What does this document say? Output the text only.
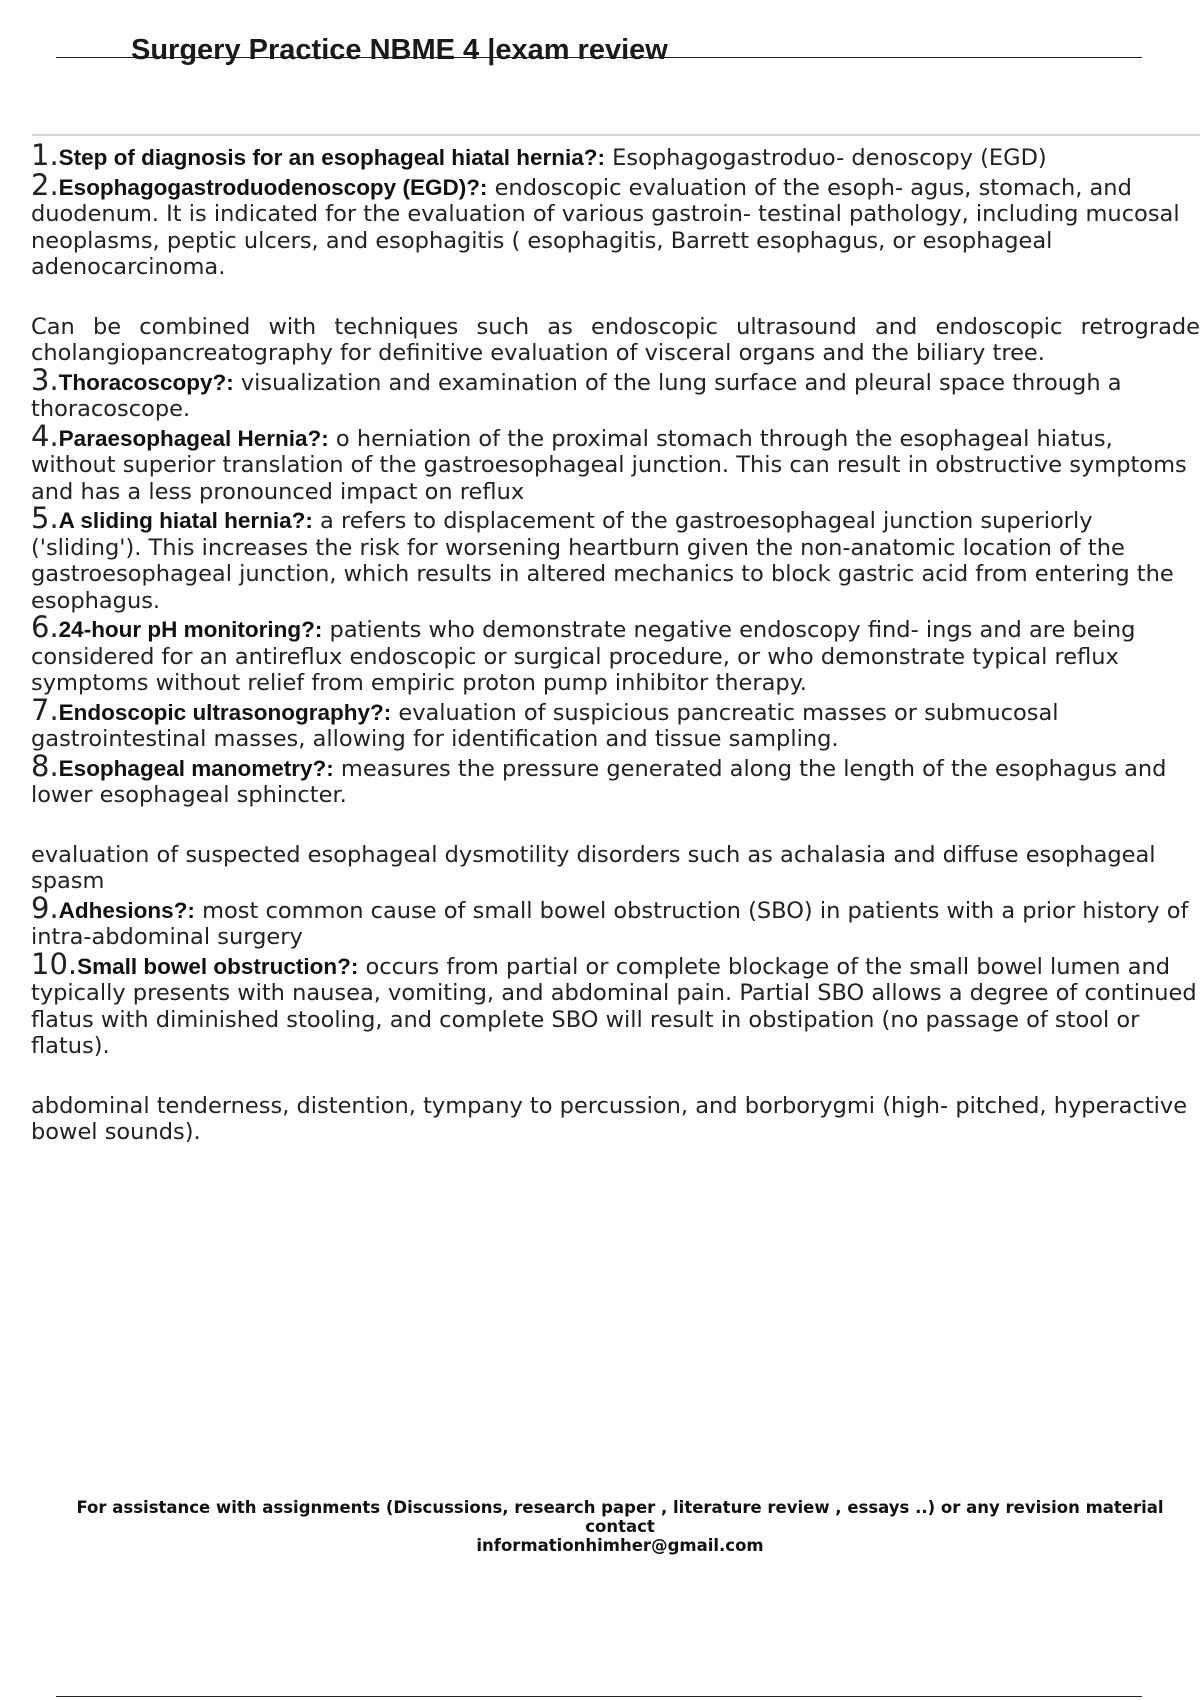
Surgery Practice NBME 4 |exam review

1.Step of diagnosis for an esophageal hiatal hernia?: Esophagogastroduo- denoscopy (EGD)

2.Esophagogastroduodenoscopy (EGD)?: endoscopic evaluation of the esoph- agus, stomach, and duodenum. It is indicated for the evaluation of various gastroin- testinal pathology, including mucosal neoplasms, peptic ulcers, and esophagitis ( esophagitis, Barrett esophagus, or esophageal adenocarcinoma.

Can be combined with techniques such as endoscopic ultrasound and endoscopic retrograde cholangiopancreatography for definitive evaluation of visceral organs and the biliary tree.

3.Thoracoscopy?: visualization and examination of the lung surface and pleural space through a thoracoscope.

4.Paraesophageal Hernia?: o herniation of the proximal stomach through the esophageal hiatus, without superior translation of the gastroesophageal junction. This can result in obstructive symptoms and has a less pronounced impact on reflux

5.A sliding hiatal hernia?: a refers to displacement of the gastroesophageal junction superiorly ('sliding'). This increases the risk for worsening heartburn given the non-anatomic location of the gastroesophageal junction, which results in altered mechanics to block gastric acid from entering the esophagus.

6.24-hour pH monitoring?: patients who demonstrate negative endoscopy find- ings and are being considered for an antireflux endoscopic or surgical procedure, or who demonstrate typical reflux symptoms without relief from empiric proton pump inhibitor therapy.

7.Endoscopic ultrasonography?: evaluation of suspicious pancreatic masses or submucosal gastrointestinal masses, allowing for identification and tissue sampling.

8.Esophageal manometry?: measures the pressure generated along the length of the esophagus and lower esophageal sphincter.

evaluation of suspected esophageal dysmotility disorders such as achalasia and diffuse esophageal spasm

9.Adhesions?: most common cause of small bowel obstruction (SBO) in patients with a prior history of intra-abdominal surgery

10.Small bowel obstruction?: occurs from partial or complete blockage of the small bowel lumen and typically presents with nausea, vomiting, and abdominal pain. Partial SBO allows a degree of continued flatus with diminished stooling, and complete SBO will result in obstipation (no passage of stool or flatus).

abdominal tenderness, distention, tympany to percussion, and borborygmi (high- pitched, hyperactive bowel sounds).

For assistance with assignments (Discussions, research paper , literature review , essays ..) or any revision material contact
informationhimher@gmail.com
